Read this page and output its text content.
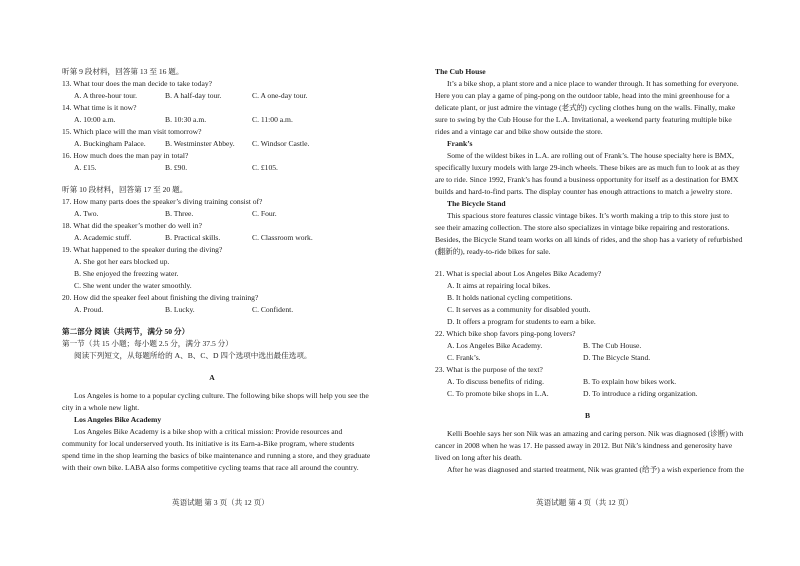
听第 9 段材料，回答第 13 至 16 题。
13. What tour does the man decide to take today?
A. A three-hour tour.	B. A half-day tour.	C. A one-day tour.
14. What time is it now?
A. 10:00 a.m.	B. 10:30 a.m.	C. 11:00 a.m.
15. Which place will the man visit tomorrow?
A. Buckingham Palace.	B. Westminster Abbey. C. Windsor Castle.
16. How much does the man pay in total?
A. £15.	B. £90.	C. £105.
听第 10 段材料，回答第 17 至 20 题。
17. How many parts does the speaker’s diving training consist of?
A. Two.	B. Three.	C. Four.
18. What did the speaker’s mother do well in?
A. Academic stuff.	B. Practical skills.	C. Classroom work.
19. What happened to the speaker during the diving?
A. She got her ears blocked up.
B. She enjoyed the freezing water.
C. She went under the water smoothly.
20. How did the speaker feel about finishing the diving training?
A. Proud.	B. Lucky.	C. Confident.
第二部分 阅读（共两节，满分 50 分）
第一节（共 15 小题；每小题 2.5 分，满分 37.5 分）
阅读下列短文，从每题所给的 A、B、C、D 四个选项中选出最佳选项。
A
Los Angeles is home to a popular cycling culture. The following bike shops will help you see the
city in a whole new light.
Los Angeles Bike Academy
Los Angeles Bike Academy is a bike shop with a critical mission: Provide resources and
community for local underserved youth. Its initiative is its Earn-a-Bike program, where students
spend time in the shop learning the basics of bike maintenance and running a store, and they graduate
with their own bike. LABA also forms competitive cycling teams that race all around the country.
英语试题 第 3 页（共 12 页）
The Cub House
It’s a bike shop, a plant store and a nice place to wander through. It has something for everyone.
Here you can play a game of ping-pong on the outdoor table, head into the mini greenhouse for a
delicate plant, or just admire the vintage (老式的) cycling clothes hung on the walls. Finally, make
sure to swing by the Cub House for the L.A. Invitational, a weekend party featuring multiple bike
rides and a vintage car and bike show outside the store.
Frank’s
Some of the wildest bikes in L.A. are rolling out of Frank’s. The house specialty here is BMX,
specifically luxury models with large 29-inch wheels. These bikes are as much fun to look at as they
are to ride. Since 1992, Frank’s has found a business opportunity for itself as a destination for BMX
builds and hard-to-find parts. The display counter has enough attractions to match a jewelry store.
The Bicycle Stand
This spacious store features classic vintage bikes. It’s worth making a trip to this store just to
see their amazing collection. The store also specializes in vintage bike repairing and restorations.
Besides, the Bicycle Stand team works on all kinds of rides, and the shop has a variety of refurbished
(翻新的), ready-to-ride bikes for sale.
21. What is special about Los Angeles Bike Academy?
A. It aims at repairing local bikes.
B. It holds national cycling competitions.
C. It serves as a community for disabled youth.
D. It offers a program for students to earn a bike.
22. Which bike shop favors ping-pong lovers?
A. Los Angeles Bike Academy.	B. The Cub House.
C. Frank’s.	D. The Bicycle Stand.
23. What is the purpose of the text?
A. To discuss benefits of riding.	B. To explain how bikes work.
C. To promote bike shops in L.A.	D. To introduce a riding organization.
B
Kelli Boehle says her son Nik was an amazing and caring person. Nik was diagnosed (诊断) with
cancer in 2008 when he was 17. He passed away in 2012. But Nik’s kindness and generosity have
lived on long after his death.
After he was diagnosed and started treatment, Nik was granted (给予) a wish experience from the
英语试题 第 4 页（共 12 页）
